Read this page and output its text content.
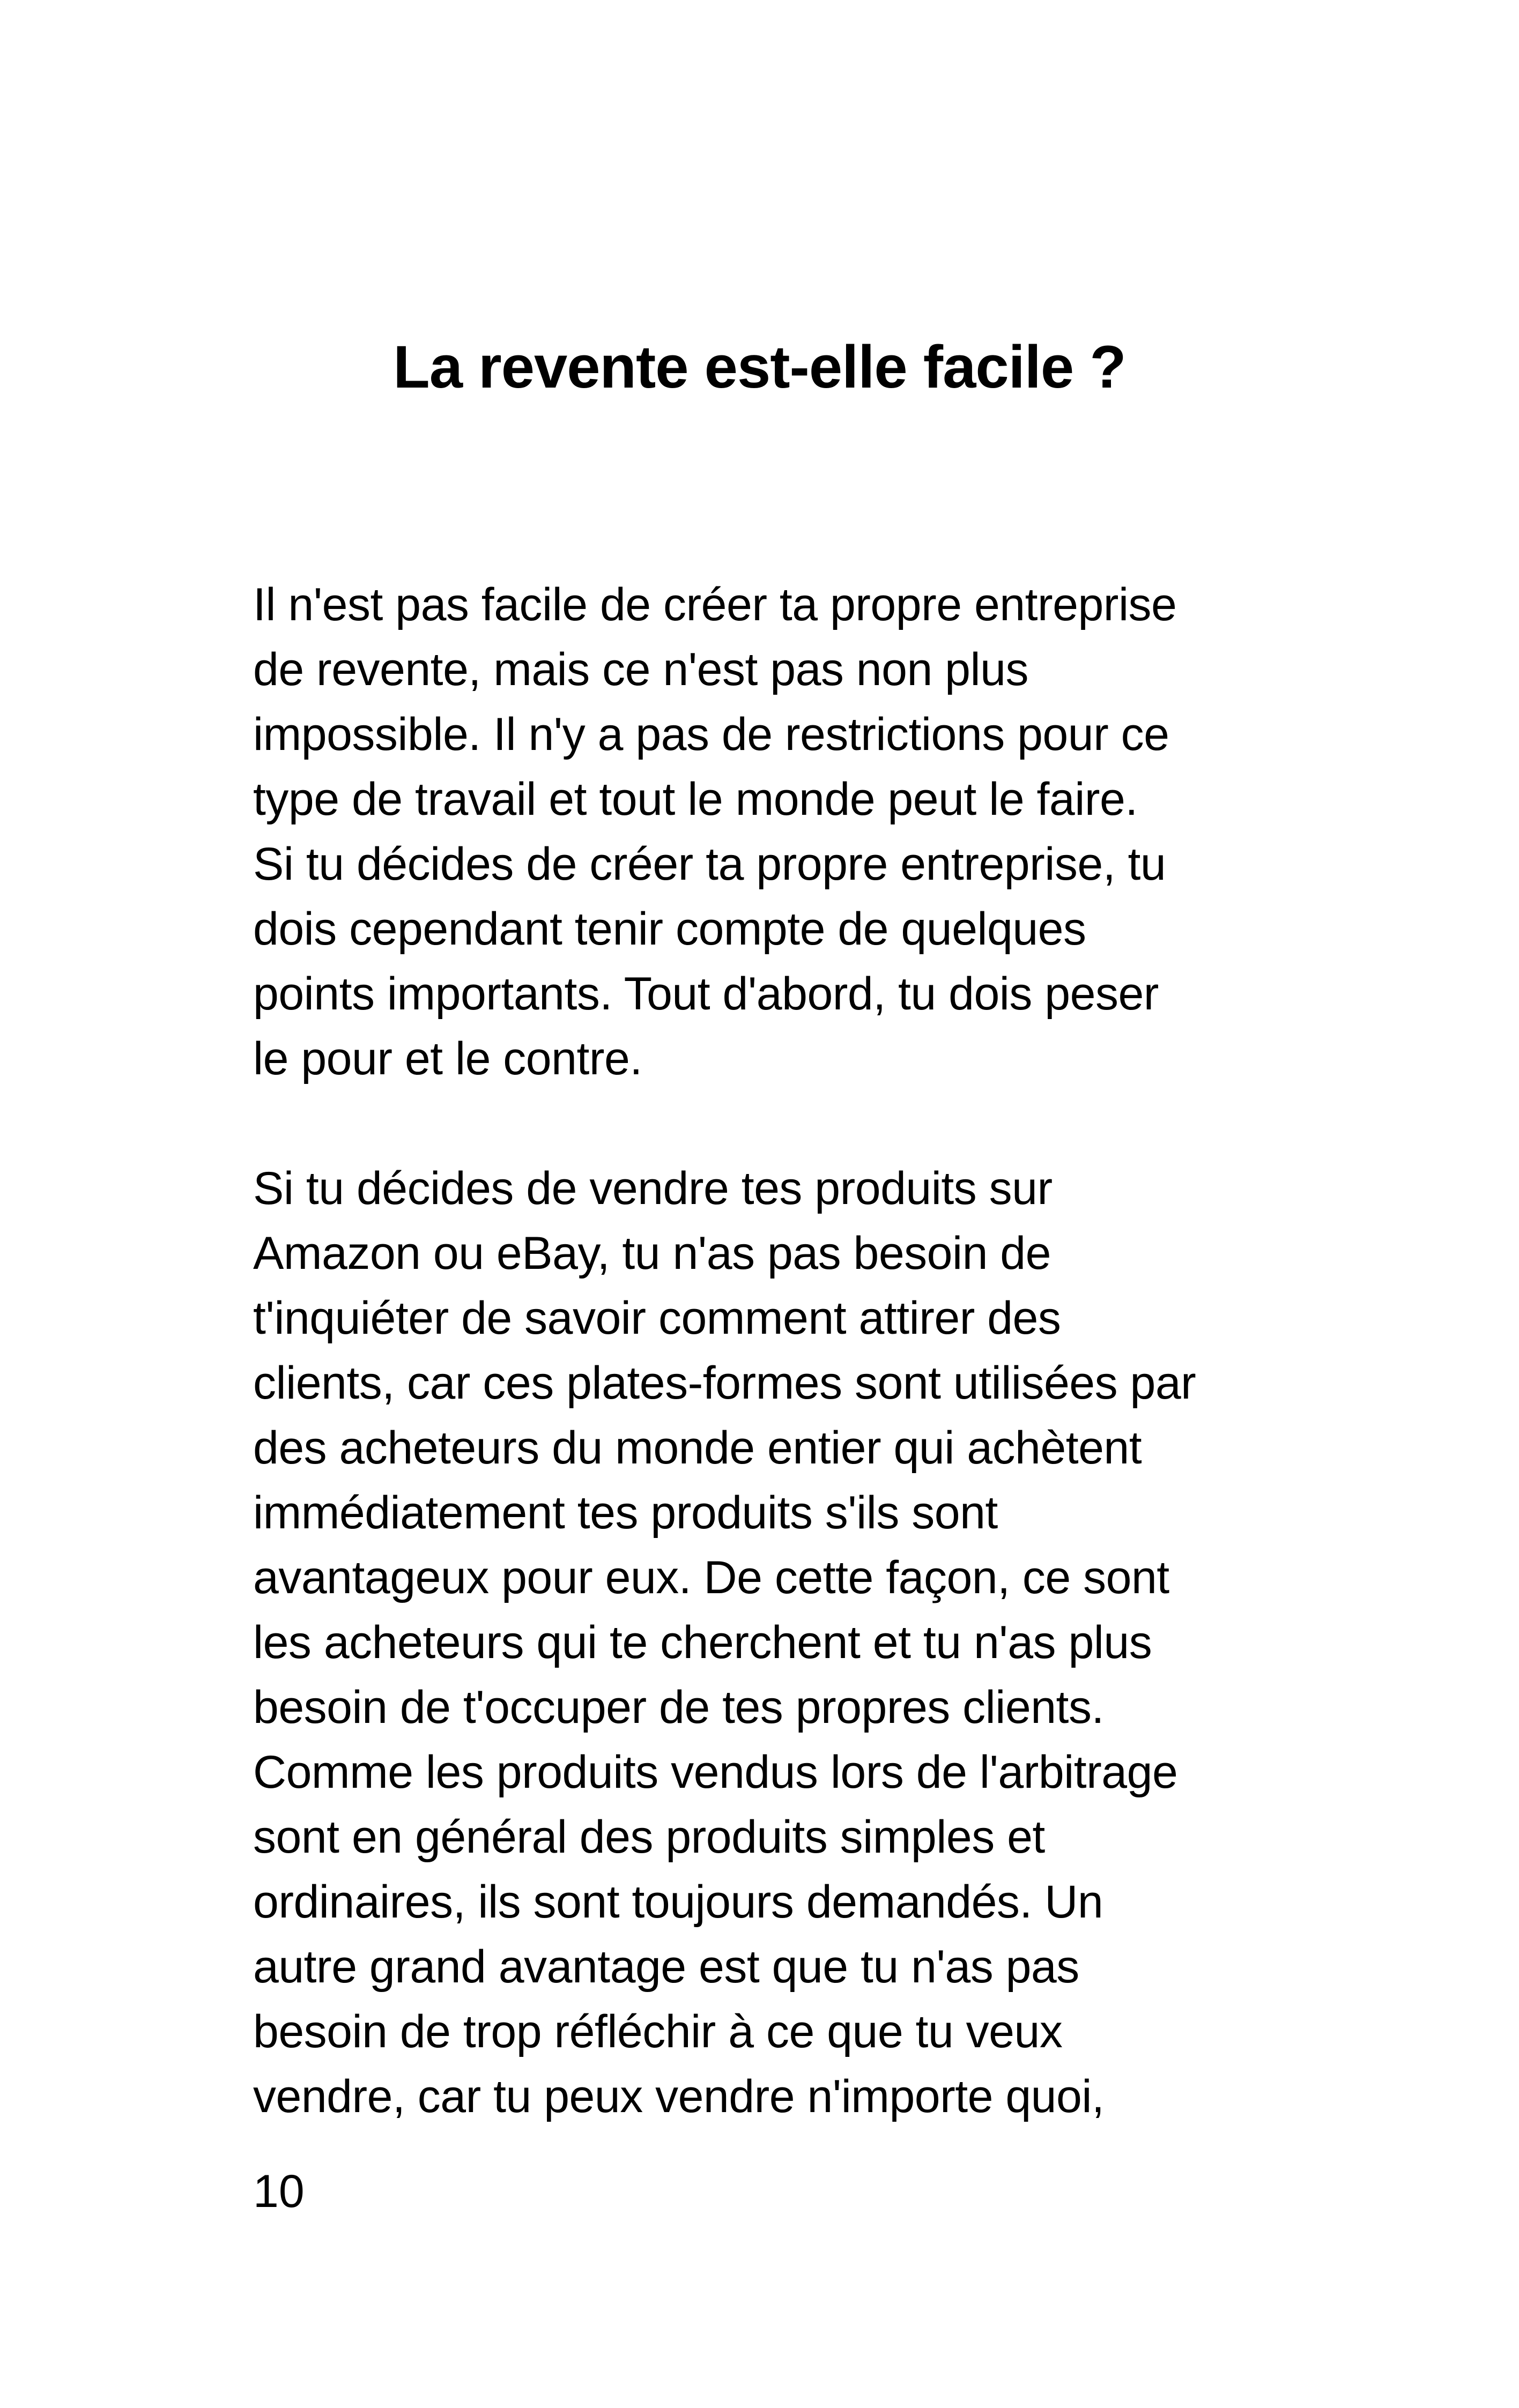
La revente est-elle facile ?
Il n'est pas facile de créer ta propre entreprise
de revente, mais ce n'est pas non plus
impossible. Il n'y a pas de restrictions pour ce
type de travail et tout le monde peut le faire.
Si tu décides de créer ta propre entreprise, tu
dois cependant tenir compte de quelques
points importants. Tout d'abord, tu dois peser
le pour et le contre.
Si tu décides de vendre tes produits sur
Amazon ou eBay, tu n'as pas besoin de
t'inquiéter de savoir comment attirer des
clients, car ces plates-formes sont utilisées par
des acheteurs du monde entier qui achètent
immédiatement tes produits s'ils sont
avantageux pour eux. De cette façon, ce sont
les acheteurs qui te cherchent et tu n'as plus
besoin de t'occuper de tes propres clients.
Comme les produits vendus lors de l'arbitrage
sont en général des produits simples et
ordinaires, ils sont toujours demandés. Un
autre grand avantage est que tu n'as pas
besoin de trop réfléchir à ce que tu veux
vendre, car tu peux vendre n'importe quoi,
10
